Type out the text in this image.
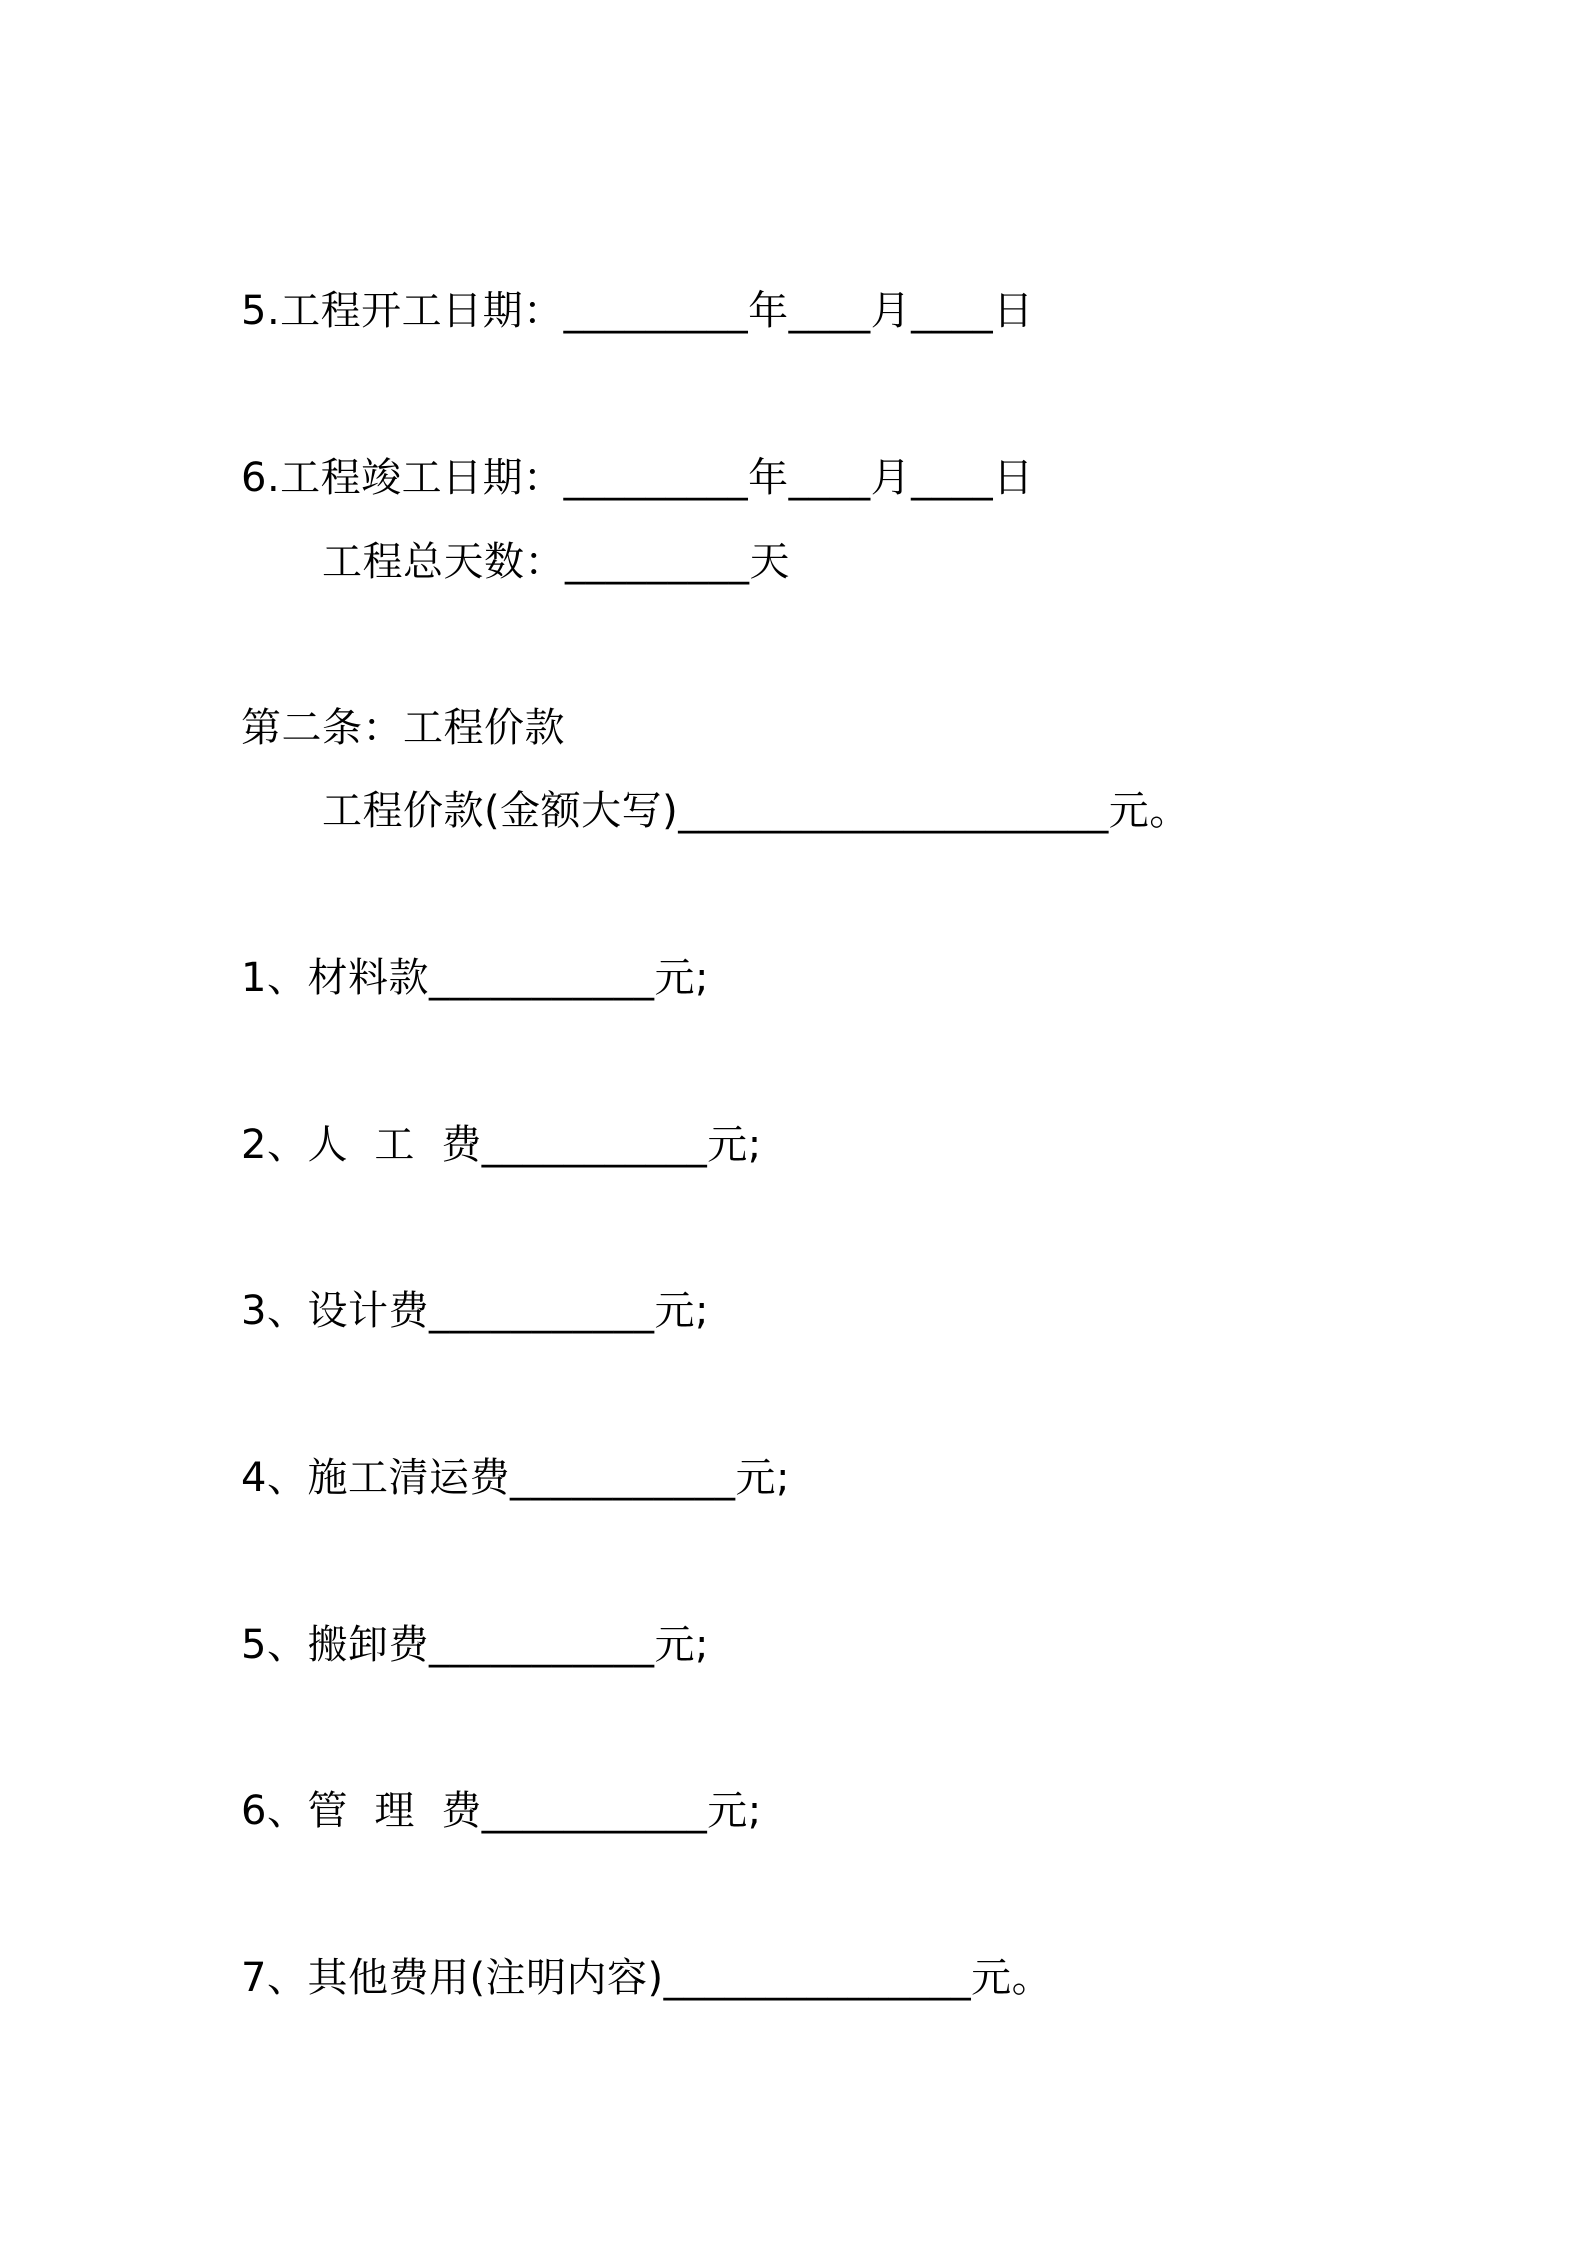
5.工程开工日期：_________年____月____日
6.工程竣工日期：_________年____月____日
工程总天数：_________天
第二条：工程价款
工程价款(金额大写)_____________________元。
1、材料款___________元;
2、人  工  费___________元;
3、设计费___________元;
4、施工清运费___________元;
5、搬卸费___________元;
6、管  理  费___________元;
7、其他费用(注明内容)_______________元。
